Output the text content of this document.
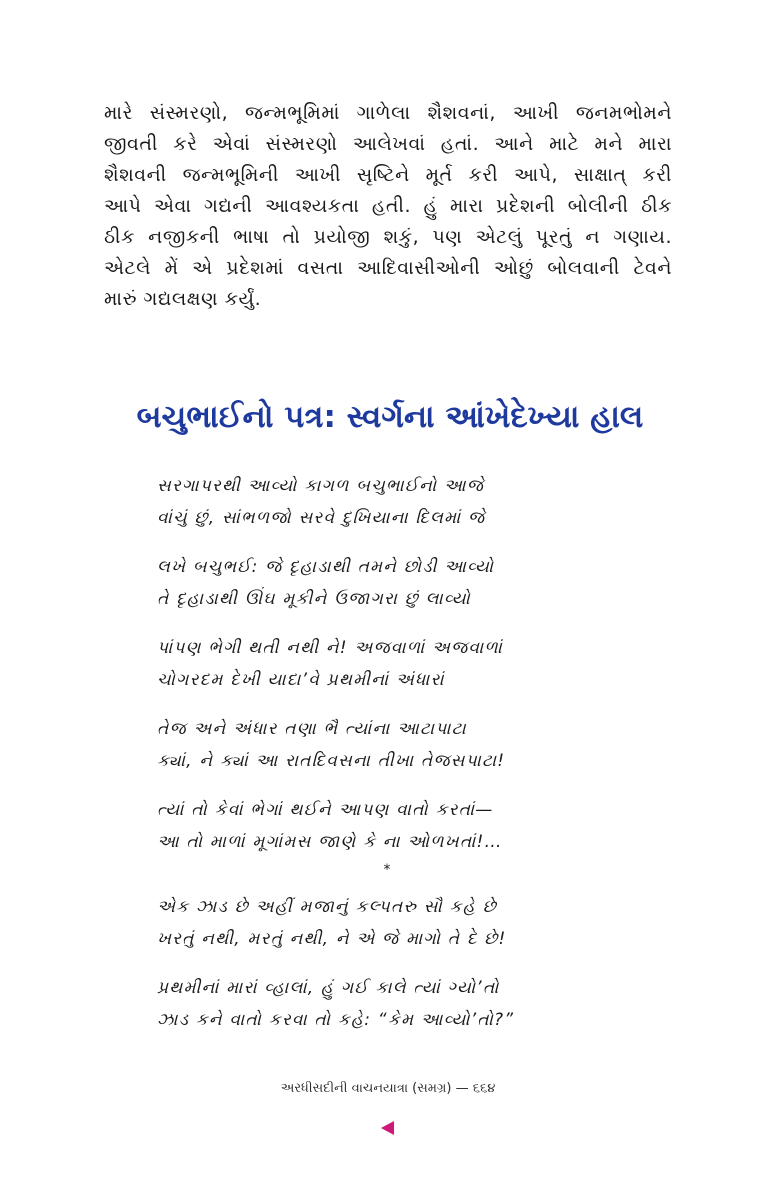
મારે સંસ્મરણો, જન્મભૂમિમાં ગાળેલા શૈશવનાં, આખી જનમભોમને
જીવતી કરે એવાં સંસ્મરણો આલેખવાં હતાં. આને માટે મને મારા
શૈશવની જન્મભૂમિની આખી સૃષ્ટિને મૂર્ત કરી આપે, સાક્ષાત્ કરી
આપે એવા ગદ્યની આવશ્યકતા હતી. હું મારા પ્રદેશની બોલીની ઠીક
ઠીક નજીકની ભાષા તો પ્રયોજી શકું, પણ એટલું પૂરતું ન ગણાય.
એટલે મેં એ પ્રદેશમાં વસતા આદિવાસીઓની ઓછું બોલવાની ટેવને
મારું ગદ્યલક્ષણ કર્યું.
બચુભાઈનો પત્ર: સ્વર્ગના આંખેદેખ્યા હાલ
સરગાપરથી આવ્યો કાગળ બચુભાઈનો આજે
વાંચું છું, સાંભળજો સરવે દુખિયાના દિલમાં જે
લખે બચુભઈ: જે દૃહાડાથી તમને છોડી આવ્યો
તે દૃહાડાથી ઊંઘ મૂકીને ઉજાગરા છું લાવ્યો
પાંપણ ભેગી થતી નથી ને! અજવાળાં અજવાળાં
ચોગરદમ દેખી યાદા’વે પ્રથમીનાં અંધારાં
તેજ અને અંધાર તણા ભૈ ત્યાંના આટાપાટા
ક્યાં, ને ક્યાં આ રાતદિવસના તીખા તેજસપાટા!
ત્યાં તો કેવાં ભેગાં થઈને આપણ વાતો કરતાં—
આ તો માળાં મૂગાંમસ જાણે કે ના ઓળખતાં!…
*
એક ઝાડ છે અહીં મજાનું કલ્પતરુ સૌ કહે છે
ખરતું નથી, મરતું નથી, ને એ જે માગો તે દે છે!
પ્રથમીનાં મારાં વ્હાલાં, હું ગઈ કાલે ત્યાં ગ્યો’તો
ઝાડ કને વાતો કરવા તો કહે: “કેમ આવ્યો’તો?”
અરધીસદીની વાચનયાત્રા (સમગ્ર) — ૬૬૪
